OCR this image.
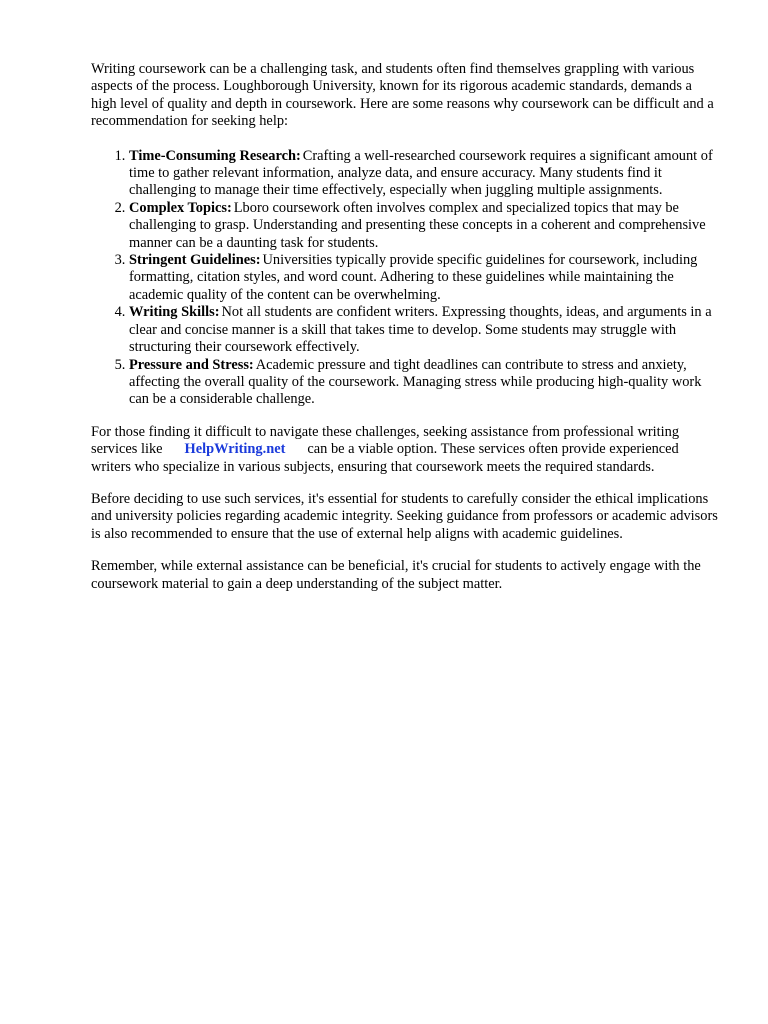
Writing coursework can be a challenging task, and students often find themselves grappling with various aspects of the process. Loughborough University, known for its rigorous academic standards, demands a high level of quality and depth in coursework. Here are some reasons why coursework can be difficult and a recommendation for seeking help:

1. Time-Consuming Research: Crafting a well-researched coursework requires a significant amount of time to gather relevant information, analyze data, and ensure accuracy. Many students find it challenging to manage their time effectively, especially when juggling multiple assignments.
2. Complex Topics: Lboro coursework often involves complex and specialized topics that may be challenging to grasp. Understanding and presenting these concepts in a coherent and comprehensive manner can be a daunting task for students.
3. Stringent Guidelines: Universities typically provide specific guidelines for coursework, including formatting, citation styles, and word count. Adhering to these guidelines while maintaining the academic quality of the content can be overwhelming.
4. Writing Skills: Not all students are confident writers. Expressing thoughts, ideas, and arguments in a clear and concise manner is a skill that takes time to develop. Some students may struggle with structuring their coursework effectively.
5. Pressure and Stress: Academic pressure and tight deadlines can contribute to stress and anxiety, affecting the overall quality of the coursework. Managing stress while producing high-quality work can be a considerable challenge.

For those finding it difficult to navigate these challenges, seeking assistance from professional writing services like HelpWriting.net can be a viable option. These services often provide experienced writers who specialize in various subjects, ensuring that coursework meets the required standards.

Before deciding to use such services, it's essential for students to carefully consider the ethical implications and university policies regarding academic integrity. Seeking guidance from professors or academic advisors is also recommended to ensure that the use of external help aligns with academic guidelines.

Remember, while external assistance can be beneficial, it's crucial for students to actively engage with the coursework material to gain a deep understanding of the subject matter.
